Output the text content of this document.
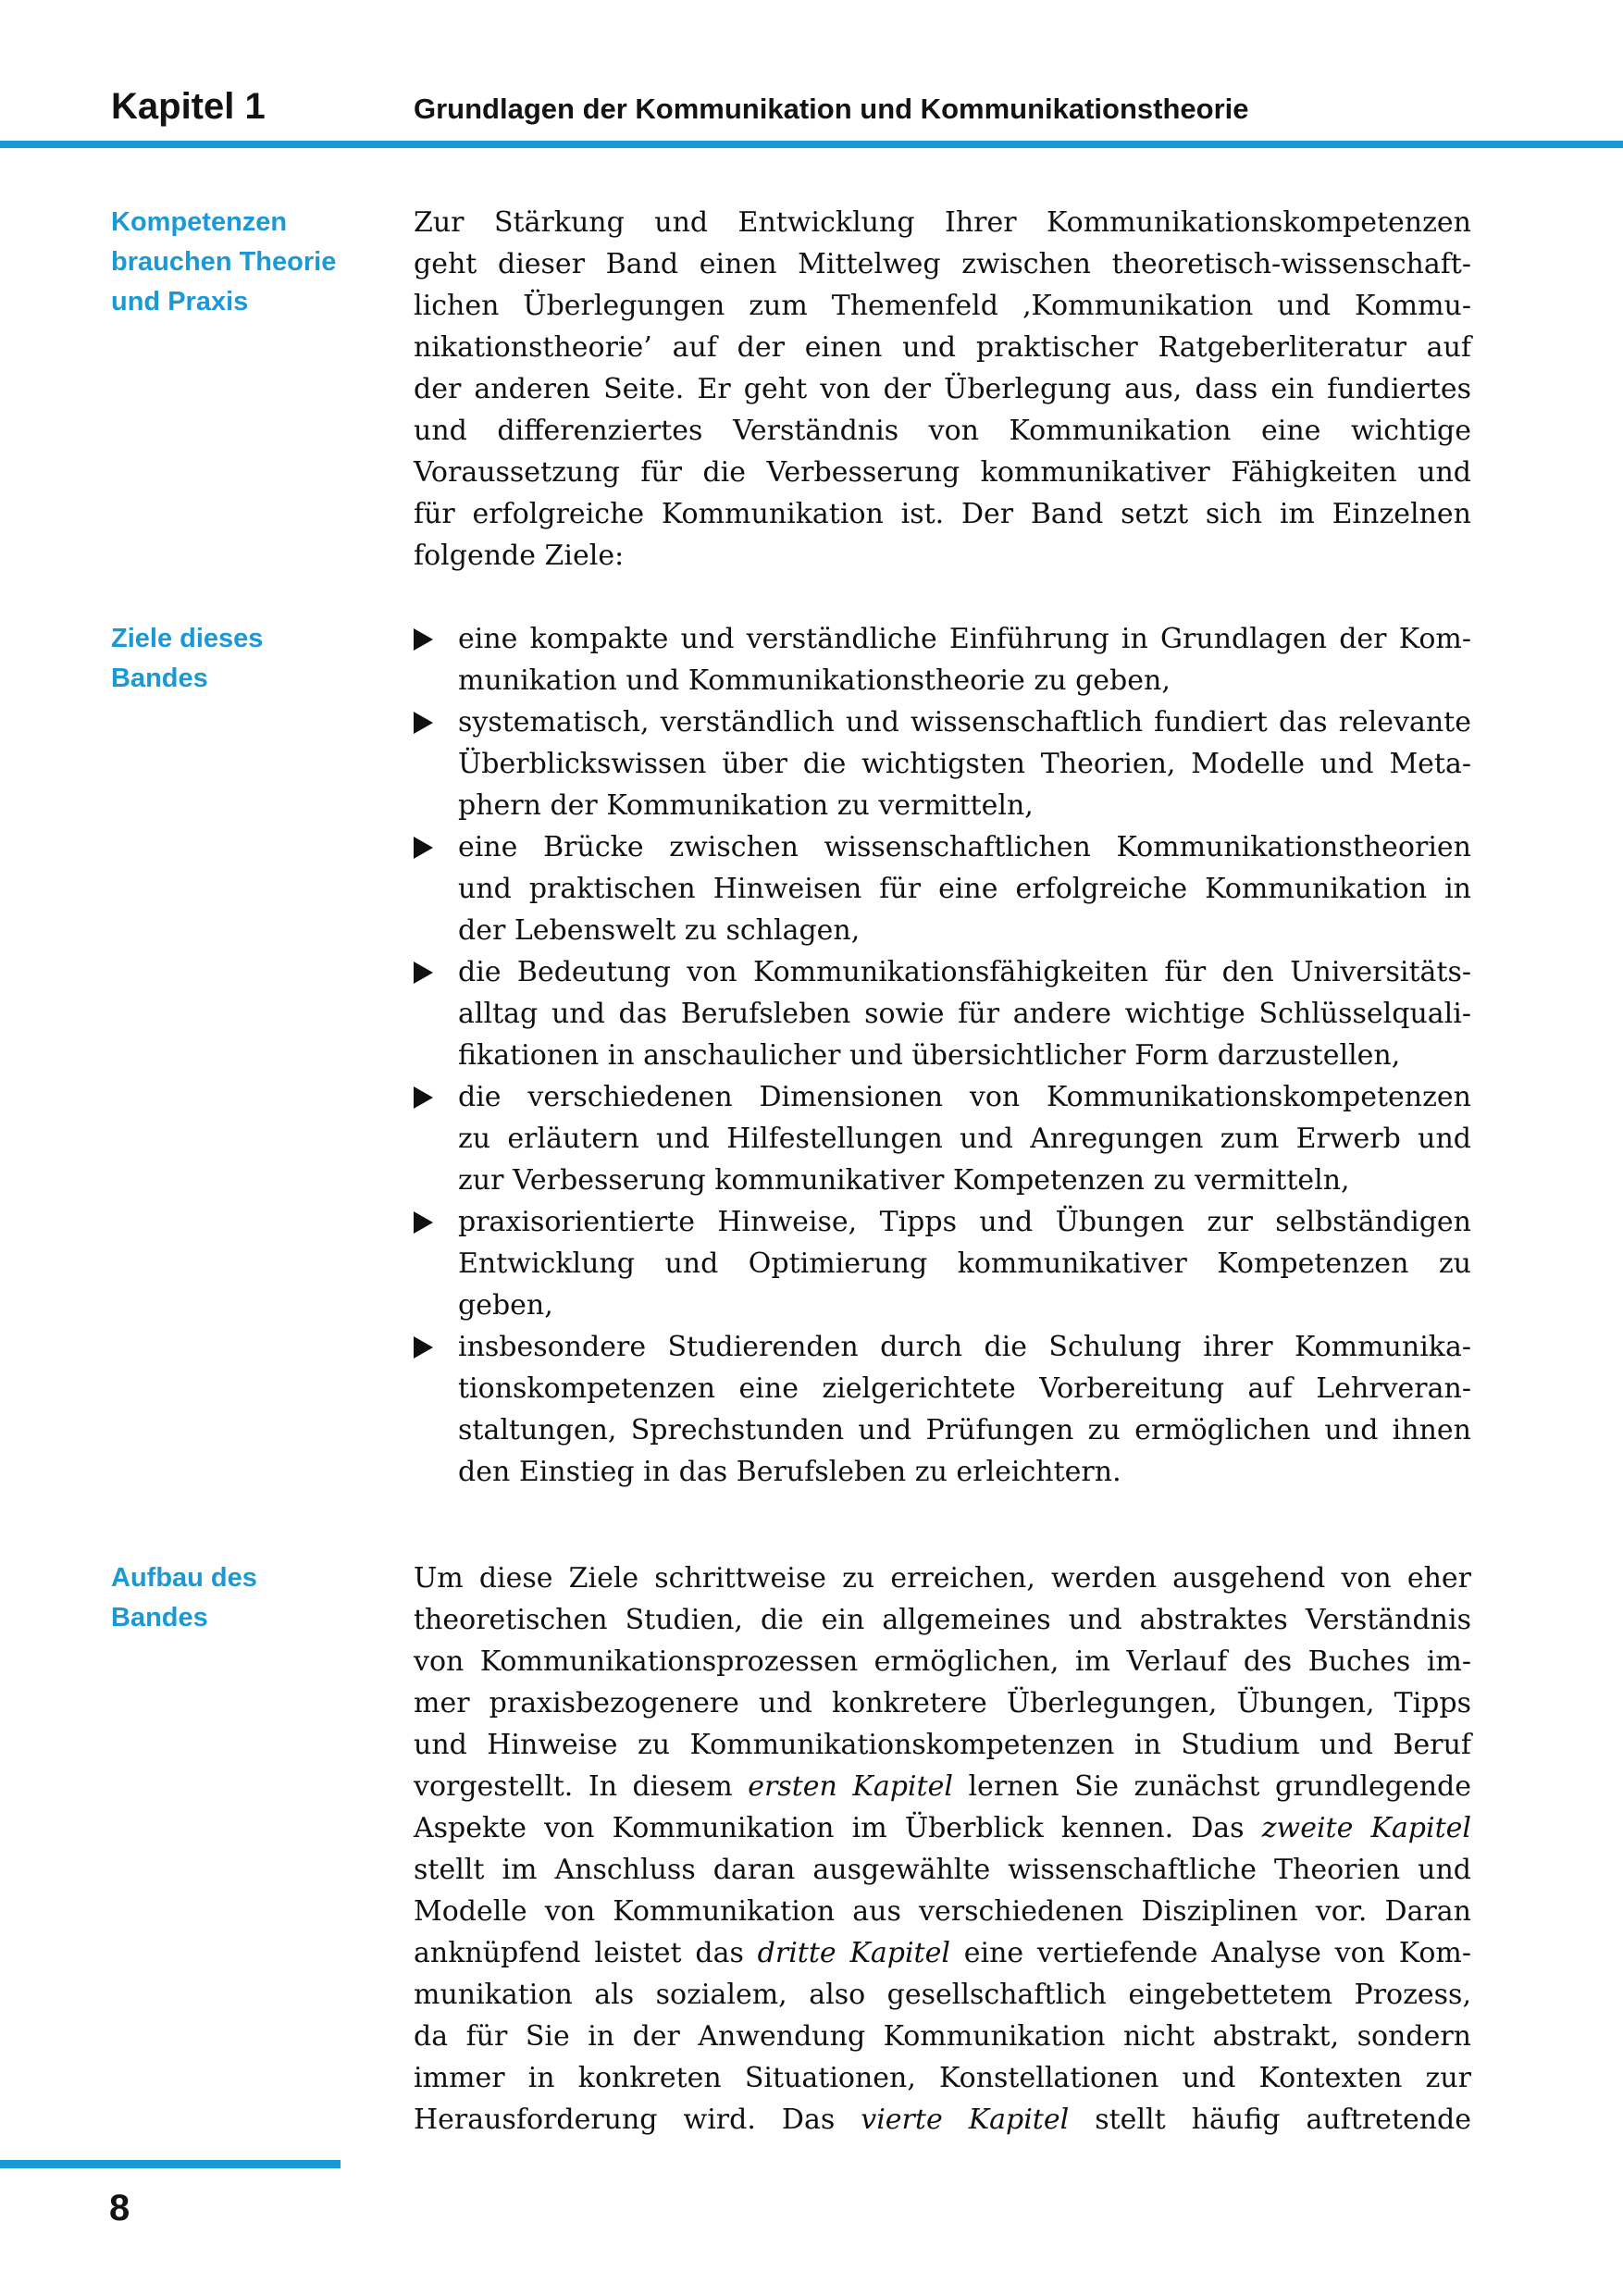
Kapitel 1	Grundlagen der Kommunikation und Kommunikationstheorie
Kompetenzen
brauchen Theorie
und Praxis
Zur Stärkung und Entwicklung Ihrer Kommunikationskompetenzen
geht dieser Band einen Mittelweg zwischen theoretisch-wissenschaft-
lichen Überlegungen zum Themenfeld ‚Kommunikation und Kommu-
nikationstheorie’ auf der einen und praktischer Ratgeberliteratur auf
der anderen Seite. Er geht von der Überlegung aus, dass ein fundiertes
und differenziertes Verständnis von Kommunikation eine wichtige
Voraussetzung für die Verbesserung kommunikativer Fähigkeiten und
für erfolgreiche Kommunikation ist. Der Band setzt sich im Einzelnen
folgende Ziele:
Ziele dieses
Bandes
eine kompakte und verständliche Einführung in Grundlagen der Kom-
munikation und Kommunikationstheorie zu geben,
systematisch, verständlich und wissenschaftlich fundiert das relevante
Überblickswissen über die wichtigsten Theorien, Modelle und Meta-
phern der Kommunikation zu vermitteln,
eine Brücke zwischen wissenschaftlichen Kommunikationstheorien
und praktischen Hinweisen für eine erfolgreiche Kommunikation in
der Lebenswelt zu schlagen,
die Bedeutung von Kommunikationsfähigkeiten für den Universitäts-
alltag und das Berufsleben sowie für andere wichtige Schlüsselquali-
fikationen in anschaulicher und übersichtlicher Form darzustellen,
die verschiedenen Dimensionen von Kommunikationskompetenzen
zu erläutern und Hilfestellungen und Anregungen zum Erwerb und
zur Verbesserung kommunikativer Kompetenzen zu vermitteln,
praxisorientierte Hinweise, Tipps und Übungen zur selbständigen
Entwicklung und Optimierung kommunikativer Kompetenzen zu
geben,
insbesondere Studierenden durch die Schulung ihrer Kommunika-
tionskompetenzen eine zielgerichtete Vorbereitung auf Lehrveran-
staltungen, Sprechstunden und Prüfungen zu ermöglichen und ihnen
den Einstieg in das Berufsleben zu erleichtern.
Aufbau des
Bandes
Um diese Ziele schrittweise zu erreichen, werden ausgehend von eher
theoretischen Studien, die ein allgemeines und abstraktes Verständnis
von Kommunikationsprozessen ermöglichen, im Verlauf des Buches im-
mer praxisbezogenere und konkretere Überlegungen, Übungen, Tipps
und Hinweise zu Kommunikationskompetenzen in Studium und Beruf
vorgestellt. In diesem ersten Kapitel lernen Sie zunächst grundlegende
Aspekte von Kommunikation im Überblick kennen. Das zweite Kapitel
stellt im Anschluss daran ausgewählte wissenschaftliche Theorien und
Modelle von Kommunikation aus verschiedenen Disziplinen vor. Daran
anknüpfend leistet das dritte Kapitel eine vertiefende Analyse von Kom-
munikation als sozialem, also gesellschaftlich eingebettetem Prozess,
da für Sie in der Anwendung Kommunikation nicht abstrakt, sondern
immer in konkreten Situationen, Konstellationen und Kontexten zur
Herausforderung wird. Das vierte Kapitel stellt häufig auftretende
8
